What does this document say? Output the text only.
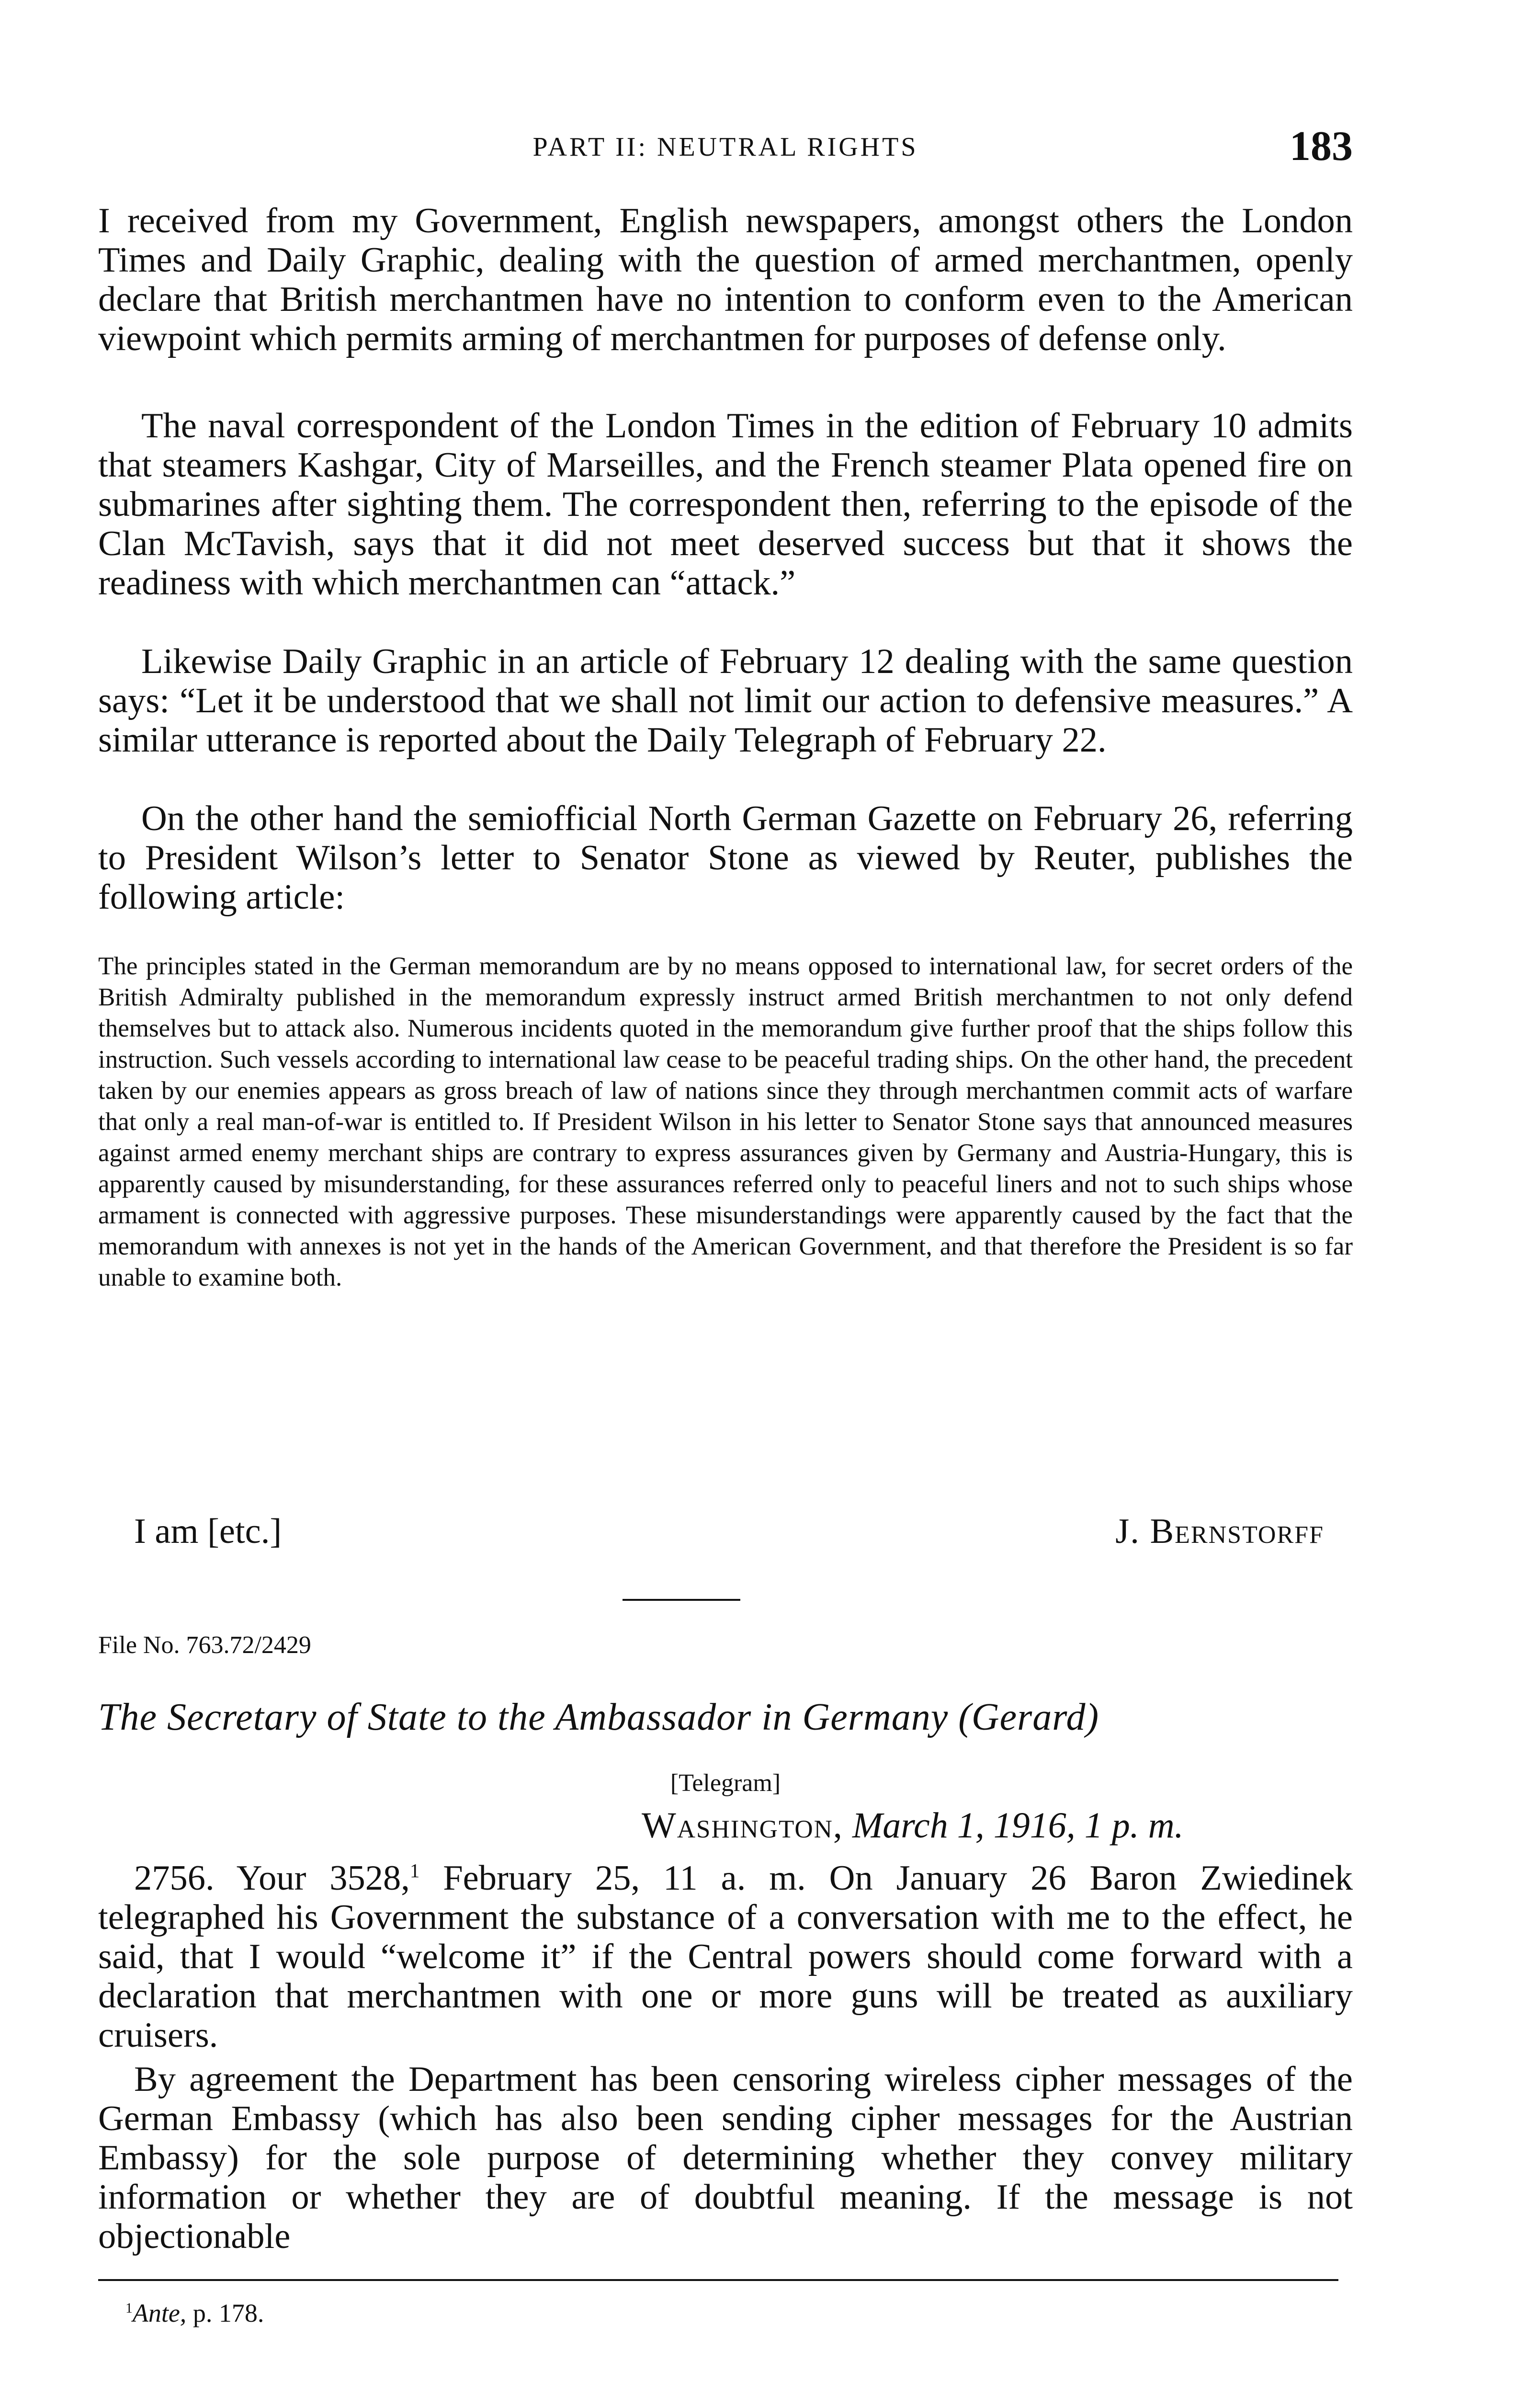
PART II: NEUTRAL RIGHTS	183

I received from my Government, English newspapers, amongst others the London Times and Daily Graphic, dealing with the question of armed merchantmen, openly declare that British merchantmen have no intention to conform even to the American viewpoint which permits arming of merchantmen for purposes of defense only.

The naval correspondent of the London Times in the edition of February 10 admits that steamers Kashgar, City of Marseilles, and the French steamer Plata opened fire on submarines after sighting them. The correspondent then, referring to the episode of the Clan McTavish, says that it did not meet deserved success but that it shows the readiness with which merchantmen can “attack.”

Likewise Daily Graphic in an article of February 12 dealing with the same question says: “Let it be understood that we shall not limit our action to defensive measures.” A similar utterance is reported about the Daily Telegraph of February 22.

On the other hand the semiofficial North German Gazette on February 26, referring to President Wilson’s letter to Senator Stone as viewed by Reuter, publishes the following article:

The principles stated in the German memorandum are by no means opposed to international law, for secret orders of the British Admiralty published in the memorandum expressly instruct armed British merchantmen to not only defend themselves but to attack also. Numerous incidents quoted in the memorandum give further proof that the ships follow this instruction. Such vessels according to international law cease to be peaceful trading ships. On the other hand, the precedent taken by our enemies appears as gross breach of law of nations since they through merchantmen commit acts of warfare that only a real man-of-war is entitled to. If President Wilson in his letter to Senator Stone says that announced measures against armed enemy merchant ships are contrary to express assurances given by Germany and Austria-Hungary, this is apparently caused by misunderstanding, for these assurances referred only to peaceful liners and not to such ships whose armament is connected with aggressive purposes. These misunderstandings were apparently caused by the fact that the memorandum with annexes is not yet in the hands of the American Government, and that therefore the President is so far unable to examine both.

I am [etc.]	J. Bernstorff
File No. 763.72/2429
The Secretary of State to the Ambassador in Germany (Gerard)
[Telegram]
Washington, March 1, 1916, 1 p. m.

2756. Your 3528,$^1$ February 25, 11 a. m. On January 26 Baron Zwiedinek telegraphed his Government the substance of a conversation with me to the effect, he said, that I would “welcome it” if the Central powers should come forward with a declaration that merchantmen with one or more guns will be treated as auxiliary cruisers.

By agreement the Department has been censoring wireless cipher messages of the German Embassy (which has also been sending cipher messages for the Austrian Embassy) for the sole purpose of determining whether they convey military information or whether they are of doubtful meaning. If the message is not objectionable

$^1$Ante, p. 178.
